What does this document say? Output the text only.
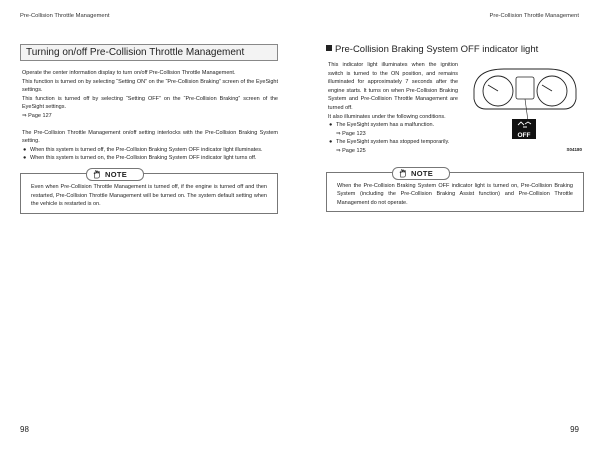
Pre-Collision Throttle Management	Pre-Collision Throttle Management
Turning on/off Pre-Collision Throttle Management
Operate the center information display to turn on/off Pre-Collision Throttle Management.
This function is turned on by selecting “Setting ON” on the “Pre-Collision Braking” screen of the EyeSight settings.
This function is turned off by selecting “Setting OFF” on the “Pre-Collision Braking” screen of the EyeSight settings.
⇒ Page 127
The Pre-Collision Throttle Management on/off setting interlocks with the Pre-Collision Braking System setting.
● When this system is turned off, the Pre-Collision Braking System OFF indicator light illuminates.
● When this system is turned on, the Pre-Collision Braking System OFF indicator light turns off.
NOTE
Even when Pre-Collision Throttle Management is turned off, if the engine is turned off and then restarted, Pre-Collision Throttle Management will be turned on. The system default setting when the vehicle is restarted is on.
Pre-Collision Braking System OFF indicator light
This indicator light illuminates when the ignition switch is turned to the ON position, and remains illuminated for approximately 7 seconds after the engine starts. It turns on when Pre-Collision Braking System and Pre-Collision Throttle Management are turned off.
It also illuminates under the following conditions.
● The EyeSight system has a malfunction.
⇒ Page 123
● The EyeSight system has stopped temporarily.
⇒ Page 125
OFF
S04180
NOTE
When the Pre-Collision Braking System OFF indicator light is turned on, Pre-Collision Braking System (including the Pre-Collision Braking Assist function) and Pre-Collision Throttle Management do not operate.
98	99
